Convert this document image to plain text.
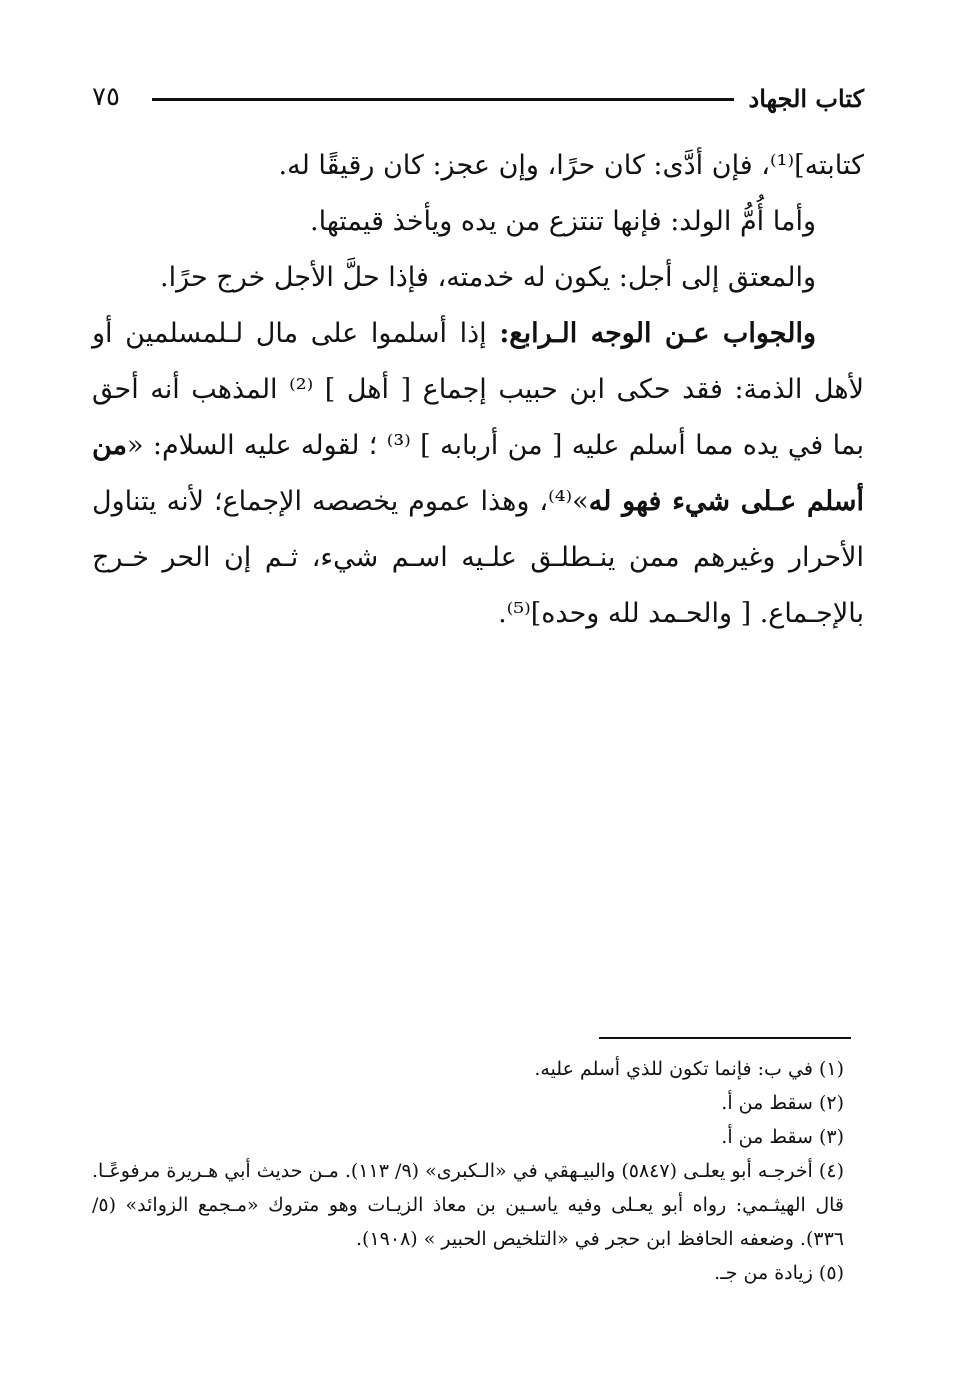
كتاب الجهاد
٧٥

كتابته]⁽¹⁾، فإن أدَّى: كان حرًا، وإن عجز: كان رقيقًا له.

وأما أُمُّ الولد: فإنها تنتزع من يده ويأخذ قيمتها.

والمعتق إلى أجل: يكون له خدمته، فإذا حلَّ الأجل خرج حرًا.

والجواب عـن الوجه الـرابع: إذا أسلموا على مال لـلمسلمين أو لأهل الذمة: فقد حكى ابن حبيب إجماع [ أهل ] ⁽²⁾ المذهب أنه أحق بما في يده مما أسلم عليه [ من أربابه ] ⁽³⁾ ؛ لقوله عليه السلام: «من أسلم عـلى شيء فهو له»⁽⁴⁾، وهذا عموم يخصصه الإجماع؛ لأنه يتناول الأحرار وغيرهم ممن ينـطلـق علـيه اسـم شيء، ثـم إن الحر خـرج بالإجـماع. [ والحـمد لله وحده]⁽⁵⁾.

(١) في ب: فإنما تكون للذي أسلم عليه.

(٢) سقط من أ.

(٣) سقط من أ.

(٤) أخرجـه أبو يعلـى (٥٨٤٧) والبيـهقي في «الـكبرى» (٩/ ١١٣). مـن حديث أبي هـريرة مرفوعًـا. قال الهيثـمي: رواه أبو يعـلى وفيه ياسـين بن معاذ الزيـات وهو متروك «مـجمع الزوائد» (٥/ ٣٣٦). وضعفه الحافظ ابن حجر في «التلخيص الحبير » (١٩٠٨).

(٥) زيادة من جـ.
